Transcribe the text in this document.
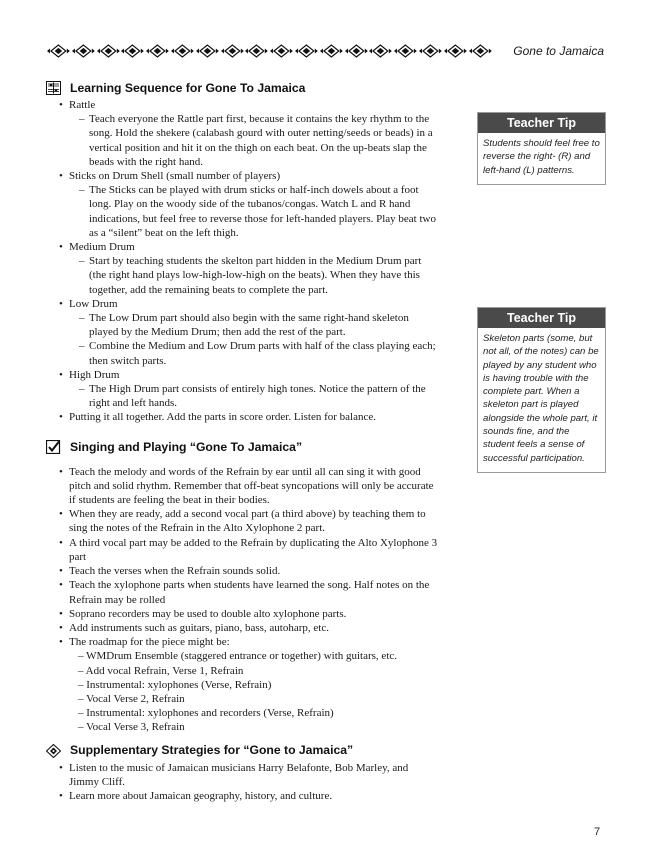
Gone to Jamaica
Learning Sequence for Gone To Jamaica
• Rattle
– Teach everyone the Rattle part first, because it contains the key rhythm to the song. Hold the shekere (calabash gourd with outer netting/seeds or beads) in a vertical position and hit it on the thigh on each beat. On the up-beats slap the beads with the right hand.
• Sticks on Drum Shell (small number of players)
– The Sticks can be played with drum sticks or half-inch dowels about a foot long. Play on the woody side of the tubanos/congas. Watch L and R hand indications, but feel free to reverse those for left-handed players. Play beat two as a “silent” beat on the left thigh.
• Medium Drum
– Start by teaching students the skelton part hidden in the Medium Drum part (the right hand plays low-high-low-high on the beats). When they have this together, add the remaining beats to complete the part.
• Low Drum
– The Low Drum part should also begin with the same right-hand skeleton played by the Medium Drum; then add the rest of the part.
– Combine the Medium and Low Drum parts with half of the class playing each; then switch parts.
• High Drum
– The High Drum part consists of entirely high tones. Notice the pattern of the right and left hands.
• Putting it all together. Add the parts in score order. Listen for balance.
Singing and Playing “Gone To Jamaica”
• Teach the melody and words of the Refrain by ear until all can sing it with good pitch and solid rhythm. Remember that off-beat syncopations will only be accurate if students are feeling the beat in their bodies.
• When they are ready, add a second vocal part (a third above) by teaching them to sing the notes of the Refrain in the Alto Xylophone 2 part.
• A third vocal part may be added to the Refrain by duplicating the Alto Xylophone 3 part
• Teach the verses when the Refrain sounds solid.
• Teach the xylophone parts when students have learned the song. Half notes on the Refrain may be rolled
• Soprano recorders may be used to double alto xylophone parts.
• Add instruments such as guitars, piano, bass, autoharp, etc.
• The roadmap for the piece might be:
– WMDrum Ensemble (staggered entrance or together) with guitars, etc.
– Add vocal Refrain, Verse 1, Refrain
– Instrumental: xylophones (Verse, Refrain)
– Vocal Verse 2, Refrain
– Instrumental: xylophones and recorders (Verse, Refrain)
– Vocal Verse 3, Refrain
Supplementary Strategies for “Gone to Jamaica”
• Listen to the music of Jamaican musicians Harry Belafonte, Bob Marley, and Jimmy Cliff.
• Learn more about Jamaican geography, history, and culture.
Teacher Tip
Students should feel free to reverse the right- (R) and left-hand (L) patterns.
Teacher Tip
Skeleton parts (some, but not all, of the notes) can be played by any student who is having trouble with the complete part. When a skeleton part is played alongside the whole part, it sounds fine, and the student feels a sense of successful participation.
7
